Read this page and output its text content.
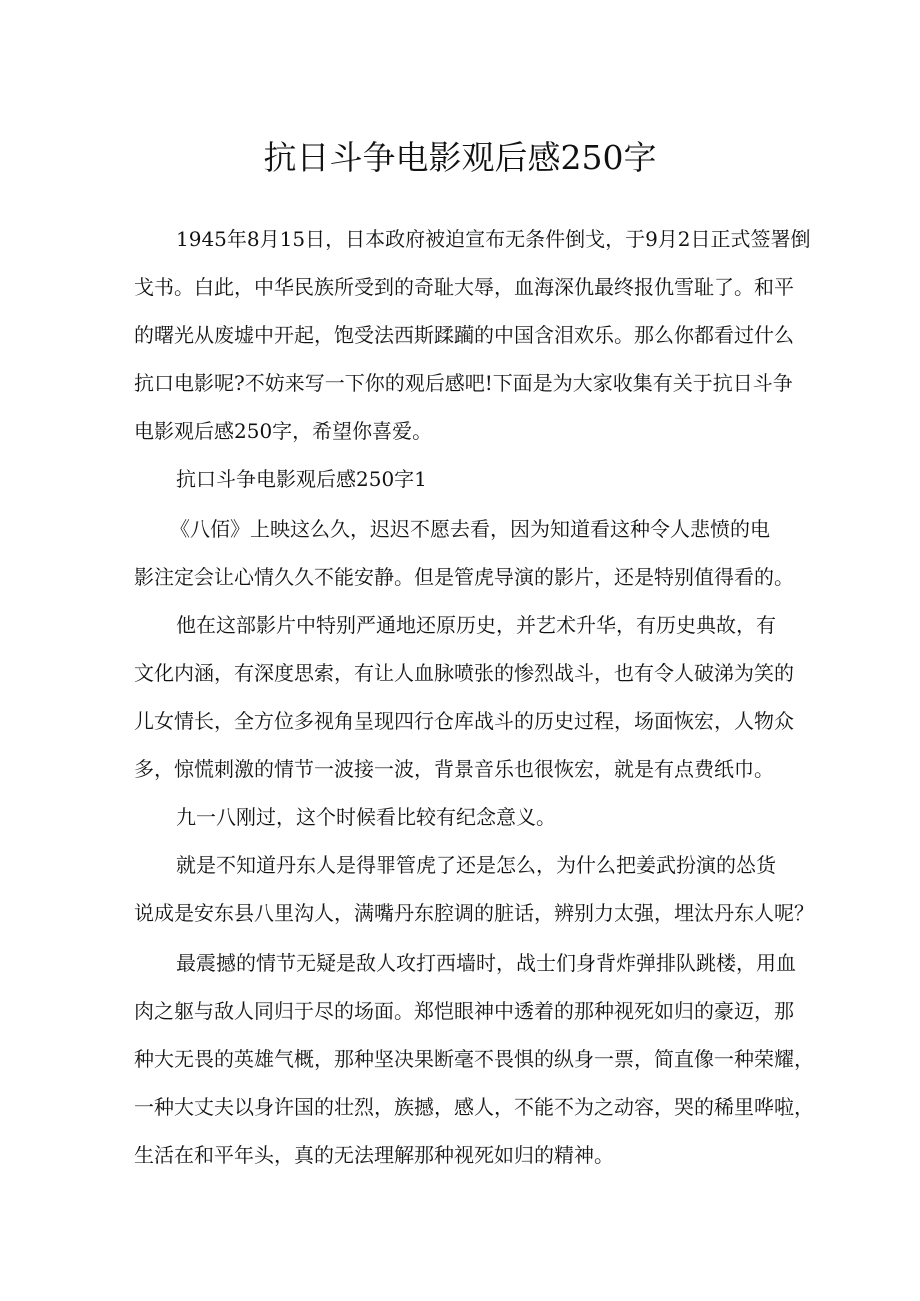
抗日斗争电影观后感250字
1945年8月15日，日本政府被迫宣布无条件倒戈，于9月2日正式签署倒
戈书。白此，中华民族所受到的奇耻大辱，血海深仇最终报仇雪耻了。和平
的曙光从废墟中开起，饱受法西斯蹂躏的中国含泪欢乐。那么你都看过什么
抗口电影呢?不妨来写一下你的观后感吧!下面是为大家收集有关于抗日斗争
电影观后感250字，希望你喜爱。
抗口斗争电影观后感250字1
《八佰》上映这么久，迟迟不愿去看，因为知道看这种令人悲愤的电
影注定会让心情久久不能安静。但是管虎导演的影片，还是特别值得看的。
他在这部影片中特别严通地还原历史，并艺术升华，有历史典故，有
文化内涵，有深度思索，有让人血脉喷张的惨烈战斗，也有令人破涕为笑的
儿女情长，全方位多视角呈现四行仓库战斗的历史过程，场面恢宏，人物众
多，惊慌刺激的情节一波接一波，背景音乐也很恢宏，就是有点费纸巾。
九一八刚过，这个时候看比较有纪念意义。
就是不知道丹东人是得罪管虎了还是怎么，为什么把姜武扮演的怂货
说成是安东县八里沟人，满嘴丹东腔调的脏话，辨别力太强，埋汰丹东人呢？
最震撼的情节无疑是敌人攻打西墙时，战士们身背炸弹排队跳楼，用血
肉之躯与敌人同归于尽的场面。郑恺眼神中透着的那种视死如归的豪迈，那
种大无畏的英雄气概，那种坚决果断毫不畏惧的纵身一票，简直像一种荣耀，
一种大丈夫以身许国的壮烈，族撼，感人，不能不为之动容，哭的稀里哗啦，
生活在和平年头，真的无法理解那种视死如归的精神。
